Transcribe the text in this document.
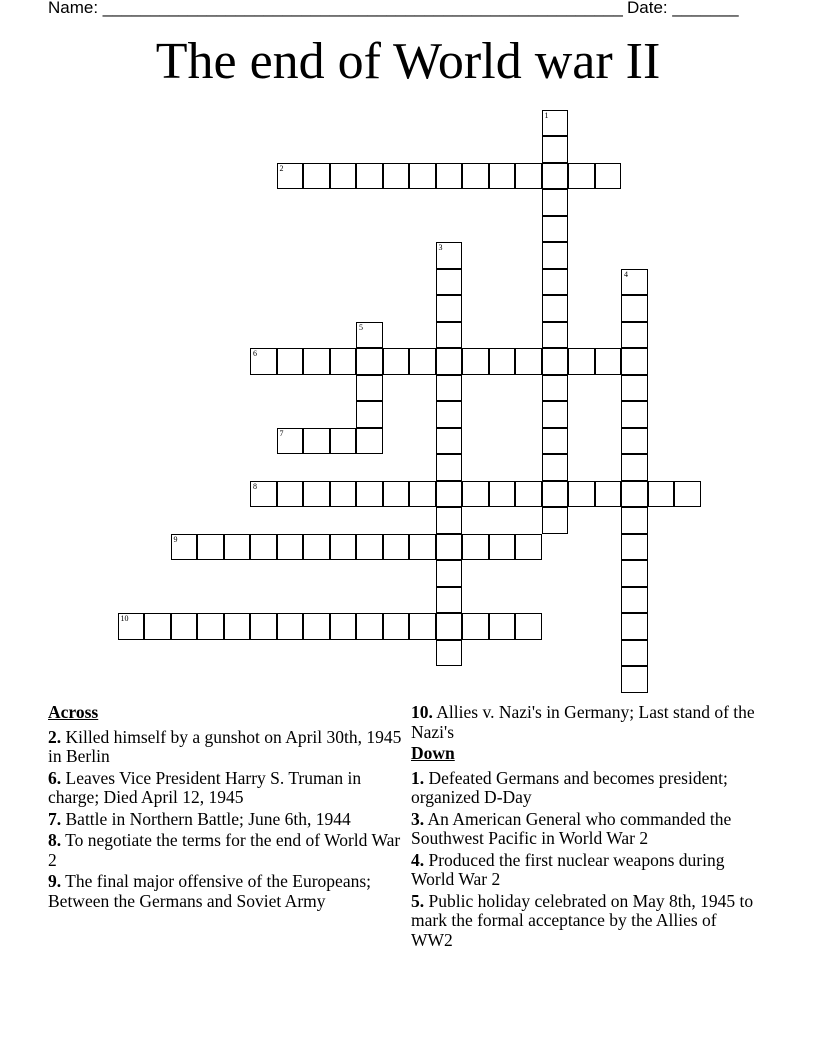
Name: _______________________________________________________ Date: _______
The end of World war II
1
2
3
4
5
6
7
8
9
10
Across
2. Killed himself by a gunshot on April 30th, 1945 in Berlin
6. Leaves Vice President Harry S. Truman in charge; Died April 12, 1945
7. Battle in Northern Battle; June 6th, 1944
8. To negotiate the terms for the end of World War 2
9. The final major offensive of the Europeans; Between the Germans and Soviet Army
10. Allies v. Nazi's in Germany; Last stand of the Nazi's
Down
1. Defeated Germans and becomes president; organized D-Day
3. An American General who commanded the Southwest Pacific in World War 2
4. Produced the first nuclear weapons during World War 2
5. Public holiday celebrated on May 8th, 1945 to mark the formal acceptance by the Allies of WW2
